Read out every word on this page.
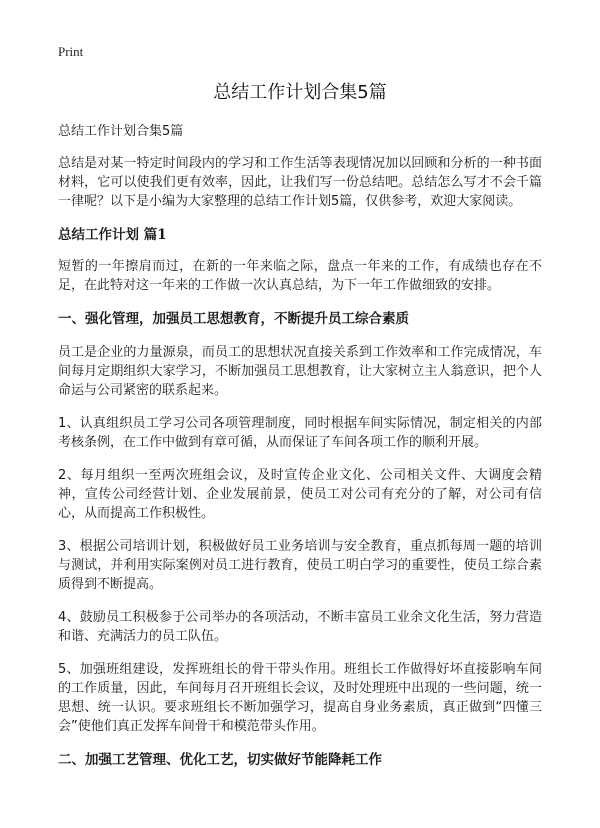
Print
总结工作计划合集5篇
总结工作计划合集5篇

总结是对某一特定时间段内的学习和工作生活等表现情况加以回顾和分析的一种书面材料，它可以使我们更有效率，因此，让我们写一份总结吧。总结怎么写才不会千篇一律呢？以下是小编为大家整理的总结工作计划5篇，仅供参考，欢迎大家阅读。

总结工作计划 篇1

短暂的一年擦肩而过，在新的一年来临之际，盘点一年来的工作，有成绩也存在不足，在此特对这一年来的工作做一次认真总结，为下一年工作做细致的安排。

一、强化管理，加强员工思想教育，不断提升员工综合素质

员工是企业的力量源泉，而员工的思想状况直接关系到工作效率和工作完成情况，车间每月定期组织大家学习，不断加强员工思想教育，让大家树立主人翁意识，把个人命运与公司紧密的联系起来。

1、认真组织员工学习公司各项管理制度，同时根据车间实际情况，制定相关的内部考核条例，在工作中做到有章可循，从而保证了车间各项工作的顺利开展。

2、每月组织一至两次班组会议，及时宣传企业文化、公司相关文件、大调度会精神，宣传公司经营计划、企业发展前景，使员工对公司有充分的了解，对公司有信心，从而提高工作积极性。

3、根据公司培训计划，积极做好员工业务培训与安全教育，重点抓每周一题的培训与测试，并利用实际案例对员工进行教育，使员工明白学习的重要性，使员工综合素质得到不断提高。

4、鼓励员工积极参于公司举办的各项活动，不断丰富员工业余文化生活，努力营造和谐、充满活力的员工队伍。

5、加强班组建设，发挥班组长的骨干带头作用。班组长工作做得好坏直接影响车间的工作质量，因此，车间每月召开班组长会议，及时处理班中出现的一些问题，统一思想、统一认识。要求班组长不断加强学习，提高自身业务素质，真正做到“四懂三会”使他们真正发挥车间骨干和模范带头作用。

二、加强工艺管理、优化工艺，切实做好节能降耗工作
